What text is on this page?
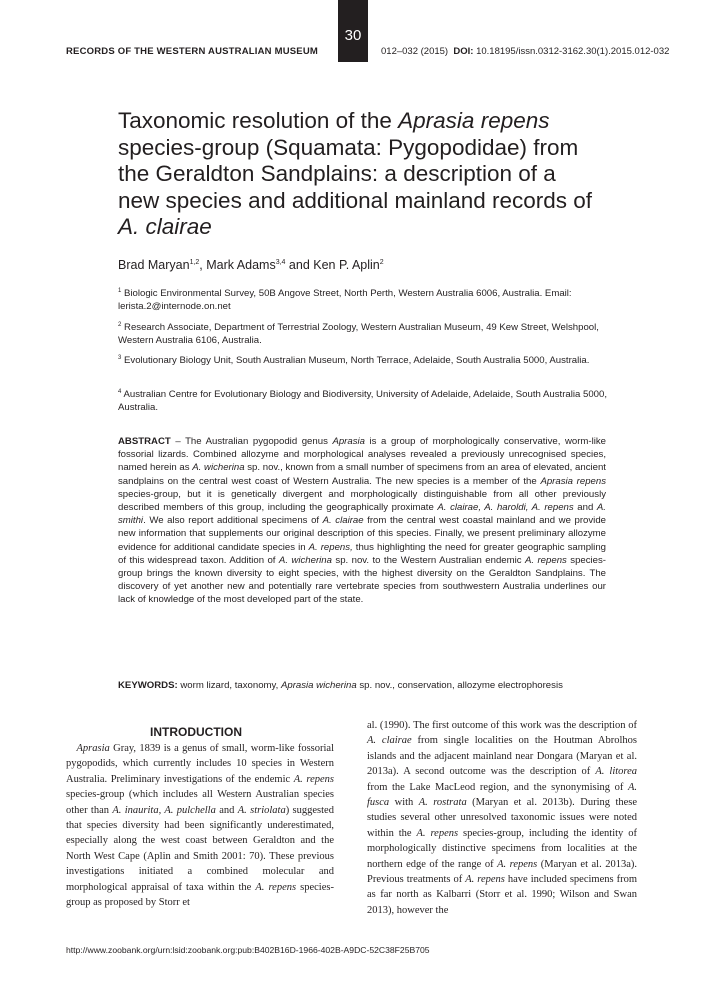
RECORDS OF THE WESTERN AUSTRALIAN MUSEUM
30
012–032 (2015) DOI: 10.18195/issn.0312-3162.30(1).2015.012-032
Taxonomic resolution of the Aprasia repens species-group (Squamata: Pygopodidae) from the Geraldton Sandplains: a description of a new species and additional mainland records of A. clairae
Brad Maryan$^{1,2}$, Mark Adams$^{3,4}$ and Ken P. Aplin$^2$
$^1$ Biologic Environmental Survey, 50B Angove Street, North Perth, Western Australia 6006, Australia. Email: lerista.2@internode.on.net
$^2$ Research Associate, Department of Terrestrial Zoology, Western Australian Museum, 49 Kew Street, Welshpool, Western Australia 6106, Australia.
$^3$ Evolutionary Biology Unit, South Australian Museum, North Terrace, Adelaide, South Australia 5000, Australia.
$^4$ Australian Centre for Evolutionary Biology and Biodiversity, University of Adelaide, Adelaide, South Australia 5000, Australia.
ABSTRACT – The Australian pygopodid genus Aprasia is a group of morphologically conservative, worm-like fossorial lizards. Combined allozyme and morphological analyses revealed a previously unrecognised species, named herein as A. wicherina sp. nov., known from a small number of specimens from an area of elevated, ancient sandplains on the central west coast of Western Australia. The new species is a member of the Aprasia repens species-group, but it is genetically divergent and morphologically distinguishable from all other previously described members of this group, including the geographically proximate A. clairae, A. haroldi, A. repens and A. smithi. We also report additional specimens of A. clairae from the central west coastal mainland and we provide new information that supplements our original description of this species. Finally, we present preliminary allozyme evidence for additional candidate species in A. repens, thus highlighting the need for greater geographic sampling of this widespread taxon. Addition of A. wicherina sp. nov. to the Western Australian endemic A. repens species-group brings the known diversity to eight species, with the highest diversity on the Geraldton Sandplains. The discovery of yet another new and potentially rare vertebrate species from southwestern Australia underlines our lack of knowledge of the most developed part of the state.
KEYWORDS: worm lizard, taxonomy, Aprasia wicherina sp. nov., conservation, allozyme electrophoresis
INTRODUCTION
 Aprasia Gray, 1839 is a genus of small, worm-like fossorial pygopodids, which currently includes 10 species in Western Australia. Preliminary investigations of the endemic A. repens species-group (which includes all Western Australian species other than A. inaurita, A. pulchella and A. striolata) suggested that species diversity had been significantly underestimated, especially along the west coast between Geraldton and the North West Cape (Aplin and Smith 2001: 70). These previous investigations initiated a combined molecular and morphological appraisal of taxa within the A. repens species-group as proposed by Storr et
al. (1990). The first outcome of this work was the description of A. clairae from single localities on the Houtman Abrolhos islands and the adjacent mainland near Dongara (Maryan et al. 2013a). A second outcome was the description of A. litorea from the Lake MacLeod region, and the synonymising of A. fusca with A. rostrata (Maryan et al. 2013b). During these studies several other unresolved taxonomic issues were noted within the A. repens species-group, including the identity of morphologically distinctive specimens from localities at the northern edge of the range of A. repens (Maryan et al. 2013a). Previous treatments of A. repens have included specimens from as far north as Kalbarri (Storr et al. 1990; Wilson and Swan 2013), however the
http://www.zoobank.org/urn:lsid:zoobank.org:pub:B402B16D-1966-402B-A9DC-52C38F25B705
